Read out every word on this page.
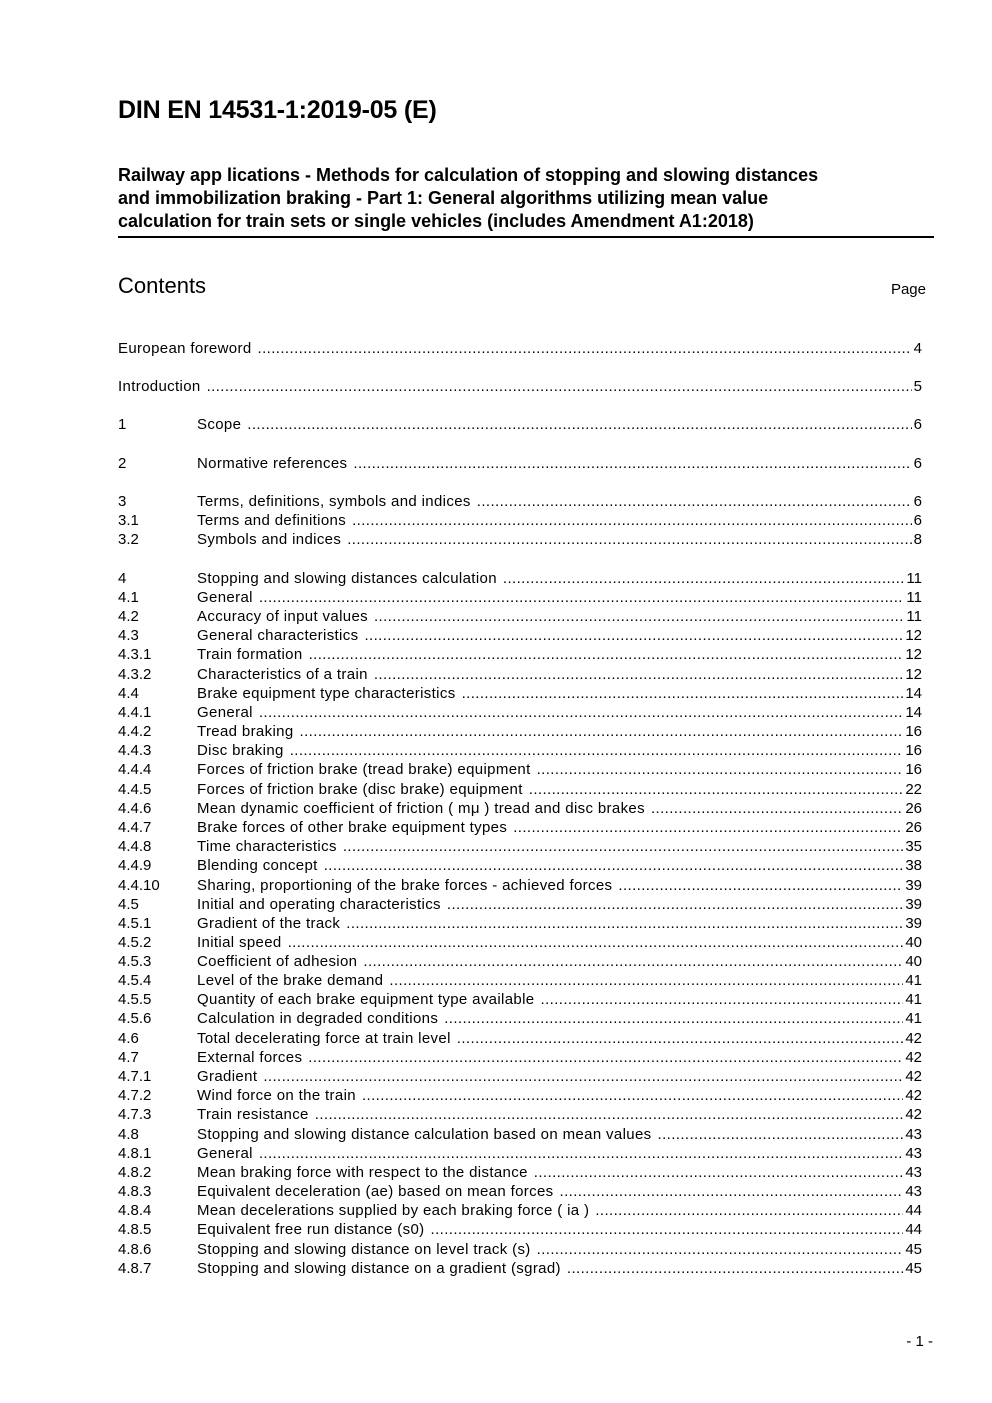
DIN EN 14531-1:2019-05 (E)
Railway app lications - Methods for calculation of stopping and slowing distances
and immobilization braking - Part 1: General algorithms utilizing mean value
calculation for train sets or single vehicles (includes Amendment A1:2018)
Contents	Page
European foreword .....	4
Introduction .....	5
1	Scope .....	6
2	Normative references .....	6
3	Terms, definitions, symbols and indices .....	6
3.1	Terms and definitions .....	6
3.2	Symbols and indices .....	8
4	Stopping and slowing distances calculation .....	11
4.1	General .....	11
4.2	Accuracy of input values .....	11
4.3	General characteristics .....	12
4.3.1	Train formation .....	12
4.3.2	Characteristics of a train .....	12
4.4	Brake equipment type characteristics .....	14
4.4.1	General .....	14
4.4.2	Tread braking .....	16
4.4.3	Disc braking .....	16
4.4.4	Forces of friction brake (tread brake) equipment .....	16
4.4.5	Forces of friction brake (disc brake) equipment .....	22
4.4.6	Mean dynamic coefficient of friction ( mμ ) tread and disc brakes .....	26
4.4.7	Brake forces of other brake equipment types .....	26
4.4.8	Time characteristics .....	35
4.4.9	Blending concept .....	38
4.4.10	Sharing, proportioning of the brake forces - achieved forces .....	39
4.5	Initial and operating characteristics .....	39
4.5.1	Gradient of the track .....	39
4.5.2	Initial speed .....	40
4.5.3	Coefficient of adhesion .....	40
4.5.4	Level of the brake demand .....	41
4.5.5	Quantity of each brake equipment type available .....	41
4.5.6	Calculation in degraded conditions .....	41
4.6	Total decelerating force at train level .....	42
4.7	External forces .....	42
4.7.1	Gradient .....	42
4.7.2	Wind force on the train .....	42
4.7.3	Train resistance .....	42
4.8	Stopping and slowing distance calculation based on mean values .....	43
4.8.1	General .....	43
4.8.2	Mean braking force with respect to the distance .....	43
4.8.3	Equivalent deceleration (ae) based on mean forces .....	43
4.8.4	Mean decelerations supplied by each braking force ( ia ) .....	44
4.8.5	Equivalent free run distance (s0) .....	44
4.8.6	Stopping and slowing distance on level track (s) .....	45
4.8.7	Stopping and slowing distance on a gradient (sgrad) .....	45
- 1 -
